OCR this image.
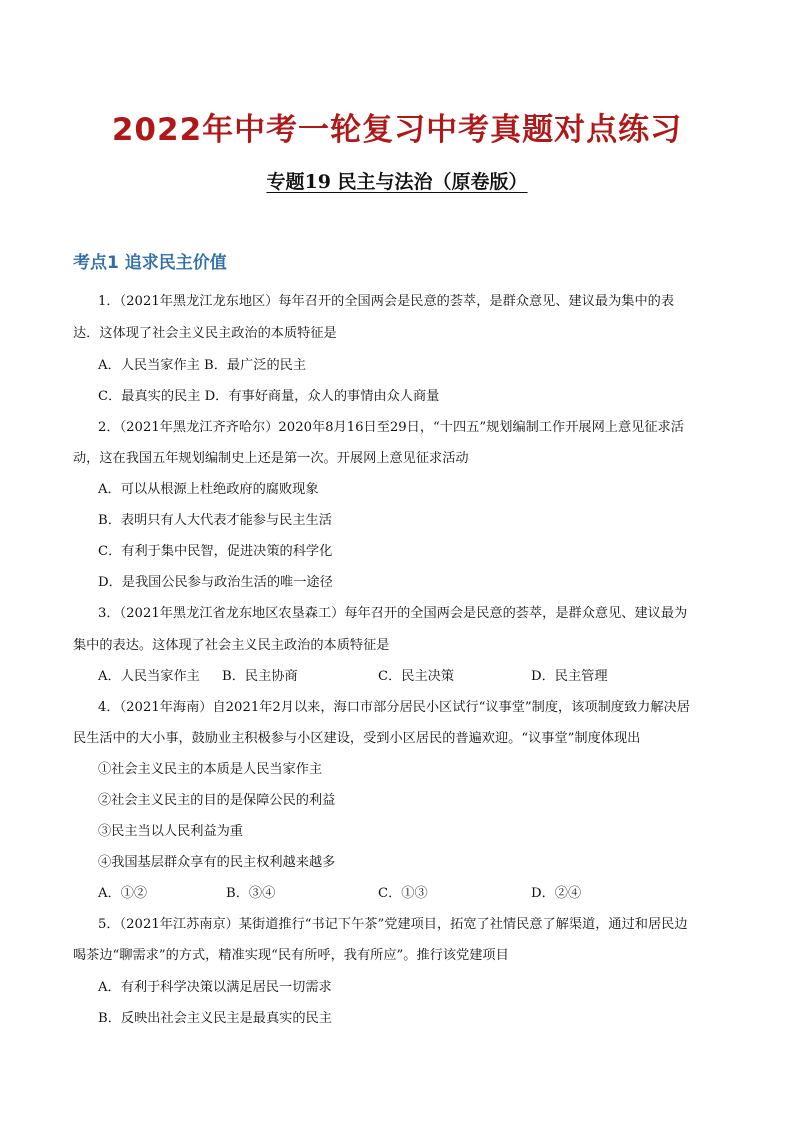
2022年中考一轮复习中考真题对点练习
专题19 民主与法治（原卷版）
考点1 追求民主价值

1．（2021年黑龙江龙东地区）每年召开的全国两会是民意的荟萃，是群众意见、建议最为集中的表

达．这体现了社会主义民主政治的本质特征是

A．人民当家作主 B．最广泛的民主

C．最真实的民主 D．有事好商量，众人的事情由众人商量

2．（2021年黑龙江齐齐哈尔）2020年8月16日至29日，“十四五”规划编制工作开展网上意见征求活

动，这在我国五年规划编制史上还是第一次。开展网上意见征求活动

A．可以从根源上杜绝政府的腐败现象

B．表明只有人大代表才能参与民主生活

C．有利于集中民智，促进决策的科学化

D．是我国公民参与政治生活的唯一途径

3．（2021年黑龙江省龙东地区农垦森工）每年召开的全国两会是民意的荟萃，是群众意见、建议最为

集中的表达。这体现了社会主义民主政治的本质特征是

A．人民当家作主 B．民主协商	C．民主决策	D．民主管理

4．（2021年海南）自2021年2月以来，海口市部分居民小区试行“议事堂”制度，该项制度致力解决居

民生活中的大小事，鼓励业主积极参与小区建设，受到小区居民的普遍欢迎。“议事堂”制度体现出

①社会主义民主的本质是人民当家作主

②社会主义民主的目的是保障公民的利益

③民主当以人民利益为重

④我国基层群众享有的民主权利越来越多

A．①②	B．③④	C．①③	D．②④

5．（2021年江苏南京）某街道推行“书记下午茶”党建项目，拓宽了社情民意了解渠道，通过和居民边

喝茶边“聊需求”的方式，精准实现“民有所呼，我有所应”。推行该党建项目

A．有利于科学决策以满足居民一切需求

B．反映出社会主义民主是最真实的民主
